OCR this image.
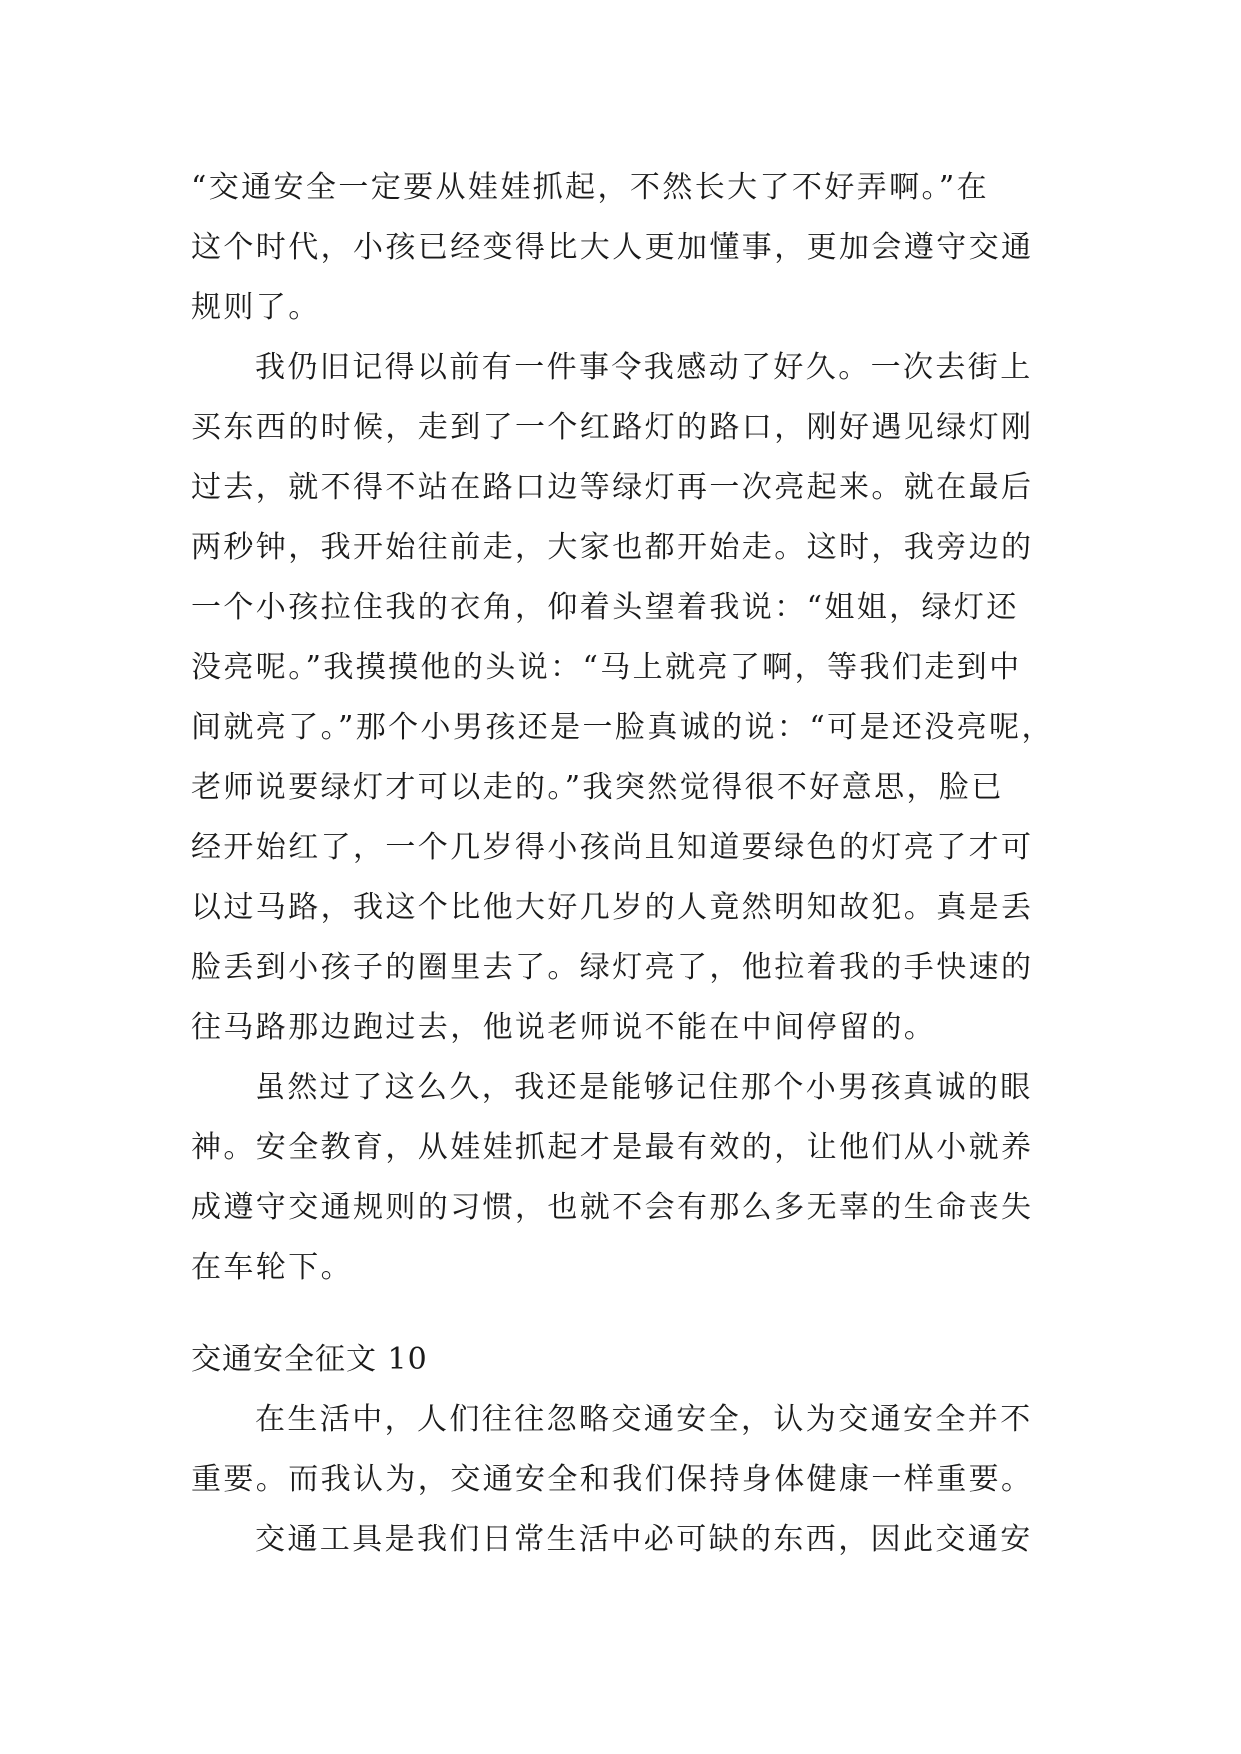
“交通安全一定要从娃娃抓起，不然长大了不好弄啊。”在
这个时代，小孩已经变得比大人更加懂事，更加会遵守交通
规则了。
我仍旧记得以前有一件事令我感动了好久。一次去街上
买东西的时候，走到了一个红路灯的路口，刚好遇见绿灯刚
过去，就不得不站在路口边等绿灯再一次亮起来。就在最后
两秒钟，我开始往前走，大家也都开始走。这时，我旁边的
一个小孩拉住我的衣角，仰着头望着我说：“姐姐，绿灯还
没亮呢。”我摸摸他的头说：“马上就亮了啊，等我们走到中
间就亮了。”那个小男孩还是一脸真诚的说：“可是还没亮呢，
老师说要绿灯才可以走的。”我突然觉得很不好意思，脸已
经开始红了，一个几岁得小孩尚且知道要绿色的灯亮了才可
以过马路，我这个比他大好几岁的人竟然明知故犯。真是丢
脸丢到小孩子的圈里去了。绿灯亮了，他拉着我的手快速的
往马路那边跑过去，他说老师说不能在中间停留的。
虽然过了这么久，我还是能够记住那个小男孩真诚的眼
神。安全教育，从娃娃抓起才是最有效的，让他们从小就养
成遵守交通规则的习惯，也就不会有那么多无辜的生命丧失
在车轮下。
交通安全征文 10
在生活中，人们往往忽略交通安全，认为交通安全并不
重要。而我认为，交通安全和我们保持身体健康一样重要。
交通工具是我们日常生活中必可缺的东西，因此交通安
